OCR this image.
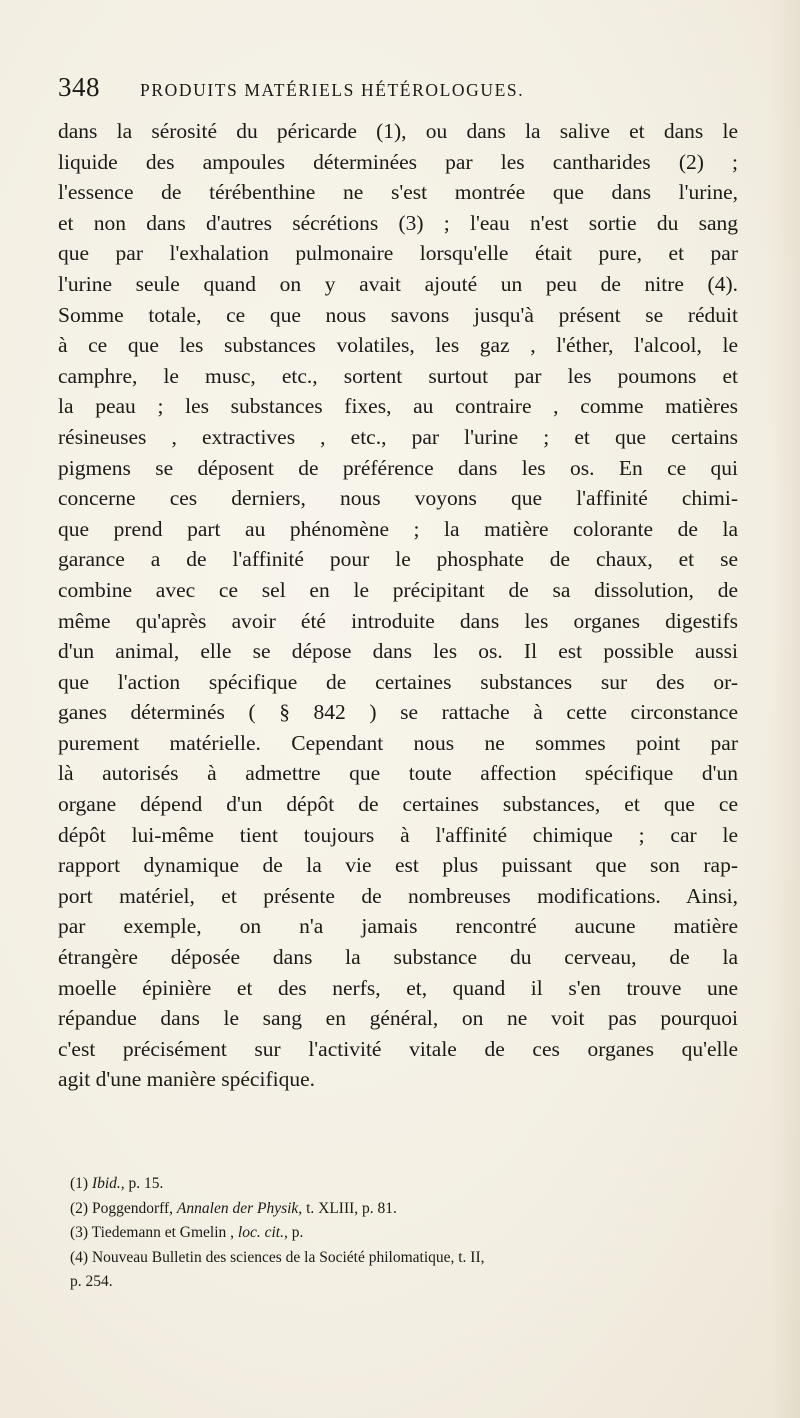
348 PRODUITS MATÉRIELS HÉTÉROLOGUES.
dans la sérosité du péricarde (1), ou dans la salive et dans le
liquide des ampoules déterminées par les cantharides (2) ;
l'essence de térébenthine ne s'est montrée que dans l'urine,
et non dans d'autres sécrétions (3) ; l'eau n'est sortie du sang
que par l'exhalation pulmonaire lorsqu'elle était pure, et par
l'urine seule quand on y avait ajouté un peu de nitre (4).
Somme totale, ce que nous savons jusqu'à présent se réduit
à ce que les substances volatiles, les gaz , l'éther, l'alcool, le
camphre, le musc, etc., sortent surtout par les poumons et
la peau ; les substances fixes, au contraire , comme matières
résineuses , extractives , etc., par l'urine ; et que certains
pigmens se déposent de préférence dans les os. En ce qui
concerne ces derniers, nous voyons que l'affinité chimi-
que prend part au phénomène ; la matière colorante de la
garance a de l'affinité pour le phosphate de chaux, et se
combine avec ce sel en le précipitant de sa dissolution, de
même qu'après avoir été introduite dans les organes digestifs
d'un animal, elle se dépose dans les os. Il est possible aussi
que l'action spécifique de certaines substances sur des or-
ganes déterminés ( § 842 ) se rattache à cette circonstance
purement matérielle. Cependant nous ne sommes point par
là autorisés à admettre que toute affection spécifique d'un
organe dépend d'un dépôt de certaines substances, et que ce
dépôt lui-même tient toujours à l'affinité chimique ; car le
rapport dynamique de la vie est plus puissant que son rap-
port matériel, et présente de nombreuses modifications. Ainsi,
par exemple, on n'a jamais rencontré aucune matière
étrangère déposée dans la substance du cerveau, de la
moelle épinière et des nerfs, et, quand il s'en trouve une
répandue dans le sang en général, on ne voit pas pourquoi
c'est précisément sur l'activité vitale de ces organes qu'elle
agit d'une manière spécifique.
(1) Ibid., p. 15.
(2) Poggendorff, Annalen der Physik, t. XLIII, p. 81.
(3) Tiedemann et Gmelin , loc. cit., p.
(4) Nouveau Bulletin des sciences de la Société philomatique, t. II,
p. 254.
